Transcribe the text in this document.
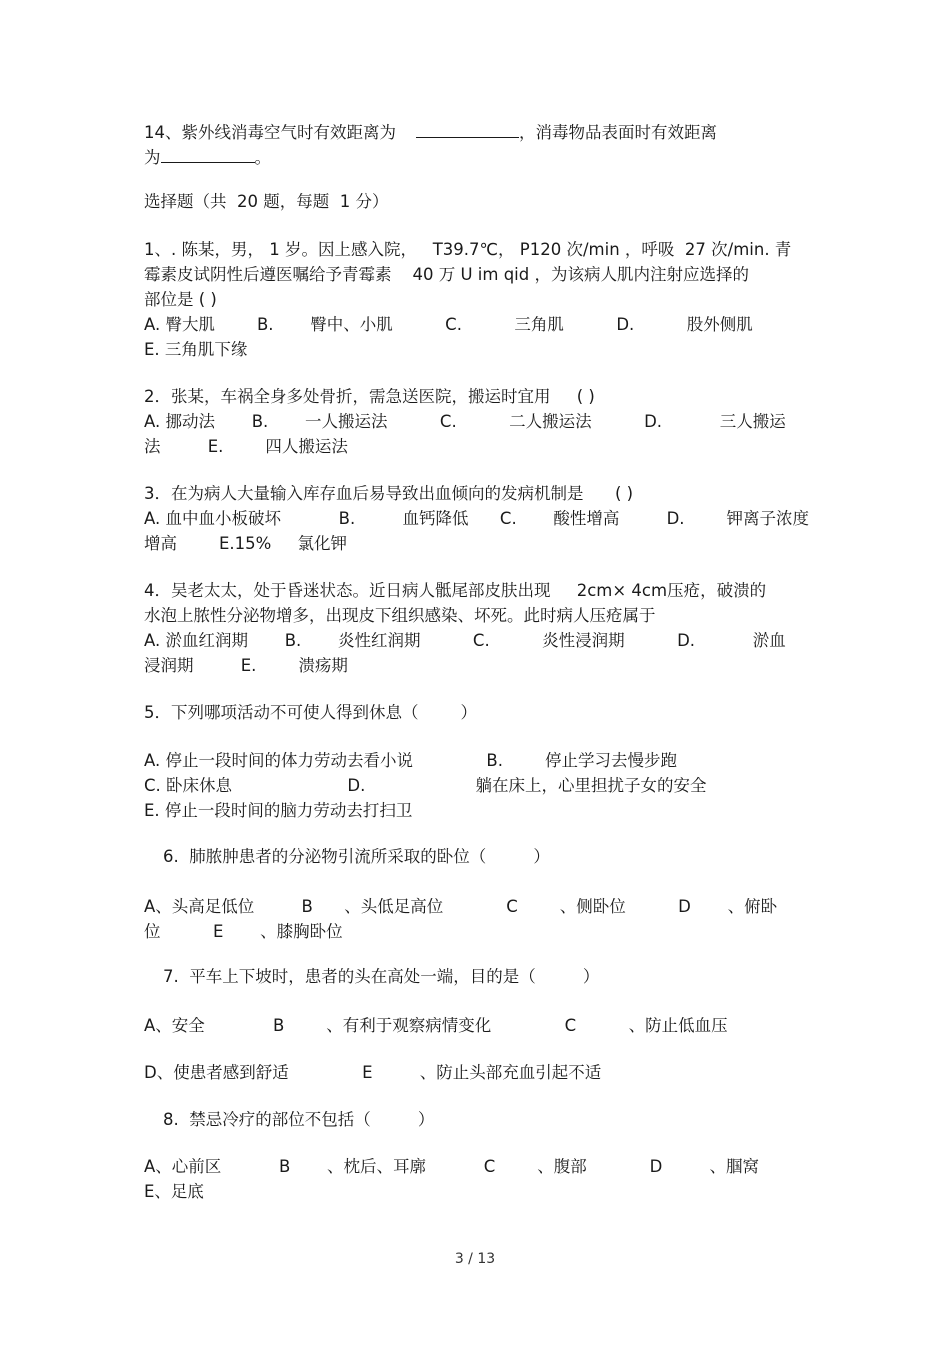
14、紫外线消毒空气时有效距离为	，消毒物品表面时有效距离
为	。
选择题（共  20 题，每题  1 分）
1、. 陈某，男， 1 岁。因上感入院，   T39.7℃， P120 次/min ，呼吸  27 次/min. 青
霉素皮试阴性后遵医嘱给予青霉素    40 万 U im qid ，为该病人肌内注射应选择的
部位是 ( )
A. 臀大肌        B.       臀中、小肌          C.          三角肌          D.          股外侧肌
E. 三角肌下缘
2．张某，车祸全身多处骨折，需急送医院，搬运时宜用     ( )
A. 挪动法       B.       一人搬运法          C.          二人搬运法          D.           三人搬运
法         E.        四人搬运法
3．在为病人大量输入库存血后易导致出血倾向的发病机制是      ( )
A. 血中血小板破坏           B.         血钙降低      C.       酸性增高         D.        钾离子浓度
增高        E.15%     氯化钾
4．吴老太太，处于昏迷状态。近日病人骶尾部皮肤出现     2cm× 4cm压疮，破溃的
水泡上脓性分泌物增多，出现皮下组织感染、坏死。此时病人压疮属于
A. 淤血红润期       B.       炎性红润期          C.          炎性浸润期          D.           淤血
浸润期         E.        溃疡期
5．下列哪项活动不可使人得到休息（        ）
A. 停止一段时间的体力劳动去看小说              B.        停止学习去慢步跑
C. 卧床休息                      D.                     躺在床上，心里担扰子女的安全
E. 停止一段时间的脑力劳动去打扫卫
6.  肺脓肿患者的分泌物引流所采取的卧位（         ）
A、头高足低位         B      、头低足高位            C        、侧卧位          D       、俯卧
位          E       、膝胸卧位
7.  平车上下坡时，患者的头在高处一端，目的是（         ）
A、安全             B        、有利于观察病情变化              C          、防止低血压
D、使患者感到舒适              E         、防止头部充血引起不适
8.  禁忌冷疗的部位不包括（         ）
A、心前区           B       、枕后、耳廓           C        、腹部            D         、腘窝
E、足底
3 / 13
